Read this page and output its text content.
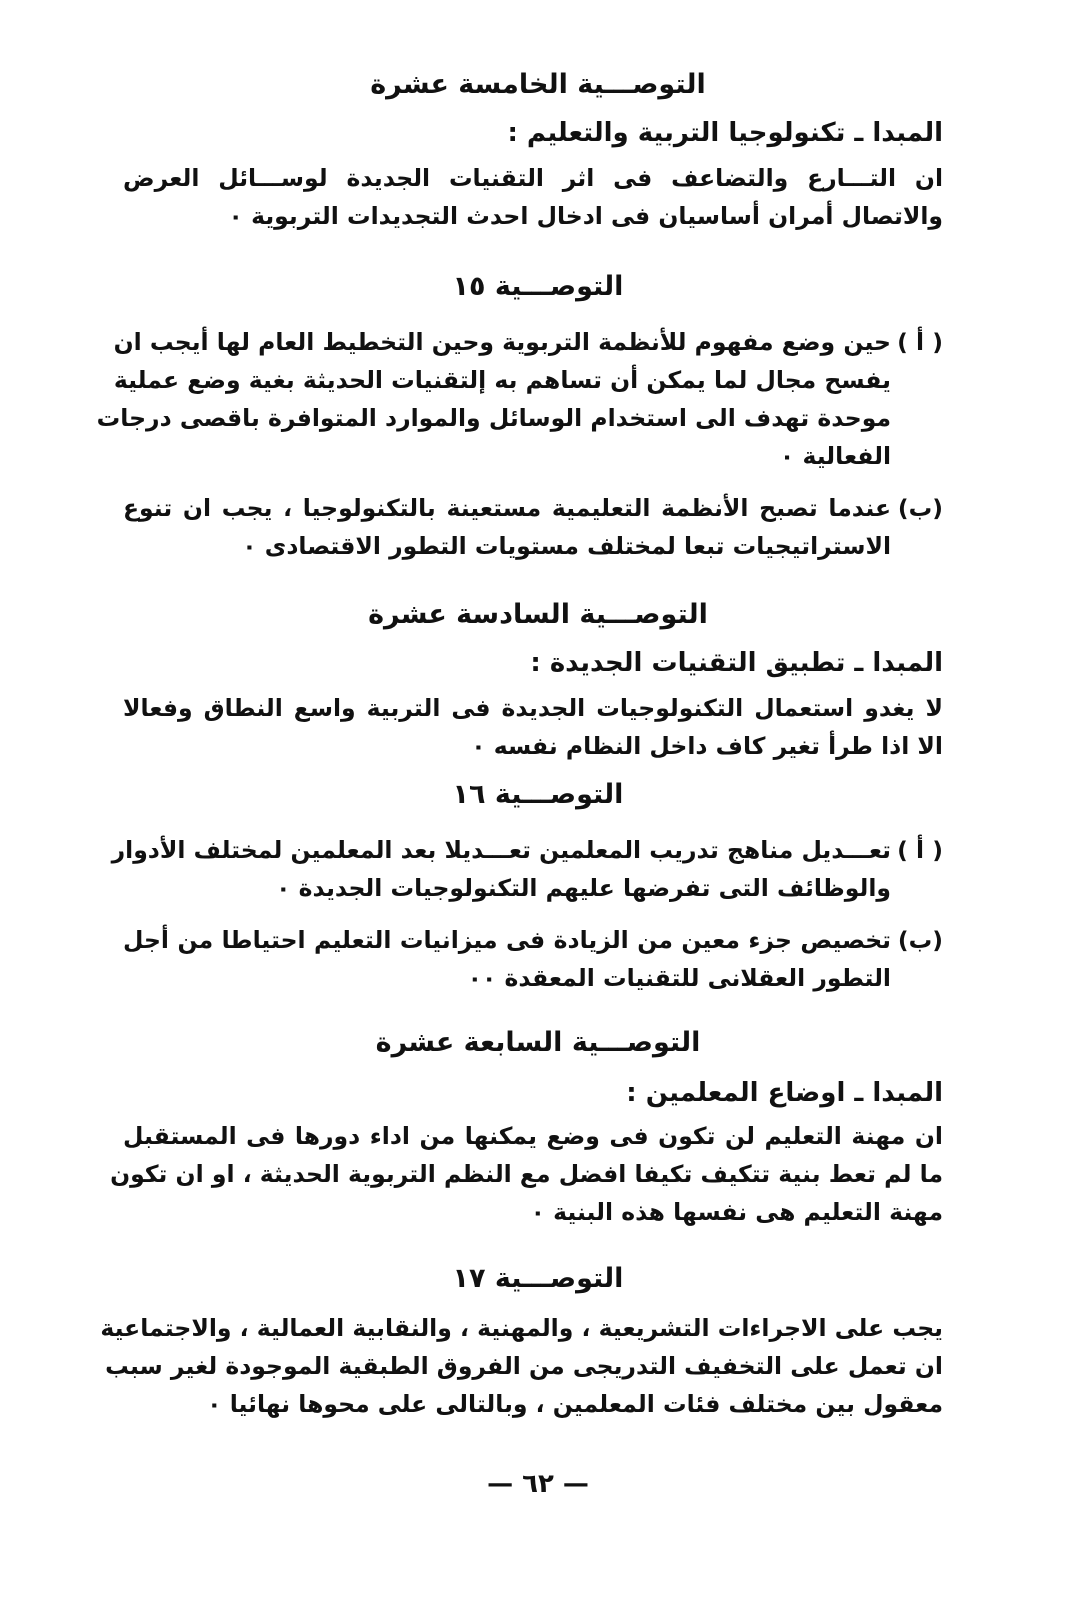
التوصـــية الخامسة عشرة
المبدا ـ تكنولوجيا التربية والتعليم :
ان التـــارع والتضاعف فى اثر التقنيات الجديدة لوســـائل العرض
والاتصال أمران أساسيان فى ادخال احدث التجديدات التربوية ٠
التوصـــية ١٥
( أ )
حين وضع مفهوم للأنظمة التربوية وحين التخطيط العام لها أيجب ان
يفسح مجال لما يمكن أن تساهم به إلتقنيات الحديثة بغية وضع عملية
موحدة تهدف الى استخدام الوسائل والموارد المتوافرة باقصى درجات
الفعالية ٠
(ب)
عندما تصبح الأنظمة التعليمية مستعينة بالتكنولوجيا ، يجب ان تنوع
الاستراتيجيات تبعا لمختلف مستويات التطور الاقتصادى ٠
التوصـــية السادسة عشرة
المبدا ـ تطبيق التقنيات الجديدة :
لا يغدو استعمال التكنولوجيات الجديدة فى التربية واسع النطاق وفعالا
الا اذا طرأ تغير كاف داخل النظام نفسه ٠
التوصـــية ١٦
( أ )
تعـــديل مناهج تدريب المعلمين تعـــديلا بعد المعلمين لمختلف الأدوار
والوظائف التى تفرضها عليهم التكنولوجيات الجديدة ٠
(ب)
تخصيص جزء معين من الزيادة فى ميزانيات التعليم احتياطا من أجل
التطور العقلانى للتقنيات المعقدة ٠٠
التوصـــية السابعة عشرة
المبدا ـ اوضاع المعلمين :
ان مهنة التعليم لن تكون فى وضع يمكنها من اداء دورها فى المستقبل
ما لم تعط بنية تتكيف تكيفا افضل مع النظم التربوية الحديثة ، او ان تكون
مهنة التعليم هى نفسها هذه البنية ٠
التوصـــية ١٧
يجب على الاجراءات التشريعية ، والمهنية ، والنقابية العمالية ، والاجتماعية
ان تعمل على التخفيف التدريجى من الفروق الطبقية الموجودة لغير سبب
معقول بين مختلف فئات المعلمين ، وبالتالى على محوها نهائيا ٠
— ٦٢ —
